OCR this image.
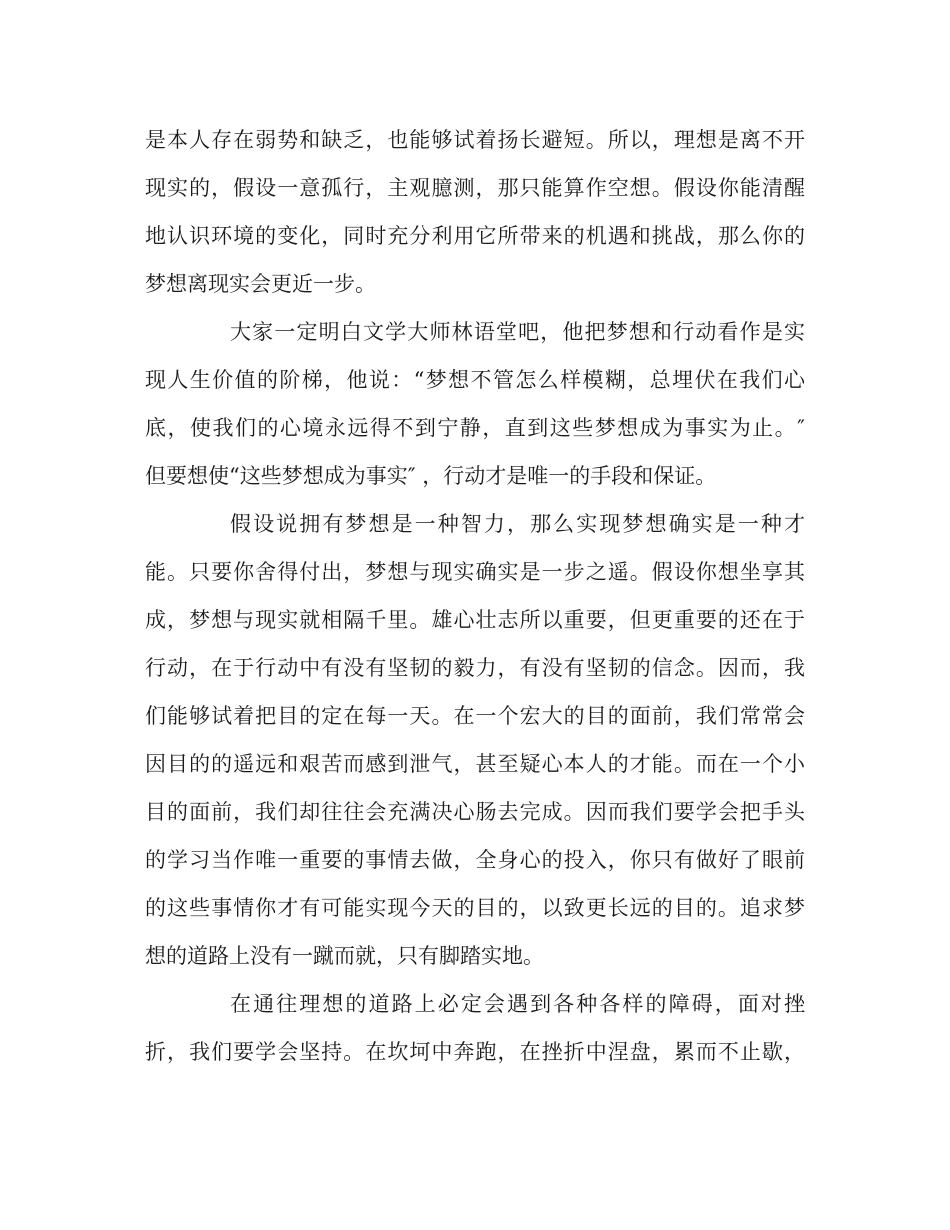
是本人存在弱势和缺乏，也能够试着扬长避短。所以，理想是离不开
现实的，假设一意孤行，主观臆测，那只能算作空想。假设你能清醒
地认识环境的变化，同时充分利用它所带来的机遇和挑战，那么你的
梦想离现实会更近一步。
大家一定明白文学大师林语堂吧，他把梦想和行动看作是实
现人生价值的阶梯，他说：“梦想不管怎么样模糊，总埋伏在我们心
底，使我们的心境永远得不到宁静，直到这些梦想成为事实为止。″
但要想使“这些梦想成为事实″ ，行动才是唯一的手段和保证。
假设说拥有梦想是一种智力，那么实现梦想确实是一种才
能。只要你舍得付出，梦想与现实确实是一步之遥。假设你想坐享其
成，梦想与现实就相隔千里。雄心壮志所以重要，但更重要的还在于
行动，在于行动中有没有坚韧的毅力，有没有坚韧的信念。因而，我
们能够试着把目的定在每一天。在一个宏大的目的面前，我们常常会
因目的的遥远和艰苦而感到泄气，甚至疑心本人的才能。而在一个小
目的面前，我们却往往会充满决心肠去完成。因而我们要学会把手头
的学习当作唯一重要的事情去做，全身心的投入，你只有做好了眼前
的这些事情你才有可能实现今天的目的，以致更长远的目的。追求梦
想的道路上没有一蹴而就，只有脚踏实地。
在通往理想的道路上必定会遇到各种各样的障碍，面对挫
折，我们要学会坚持。在坎坷中奔跑，在挫折中涅盘，累而不止歇，
